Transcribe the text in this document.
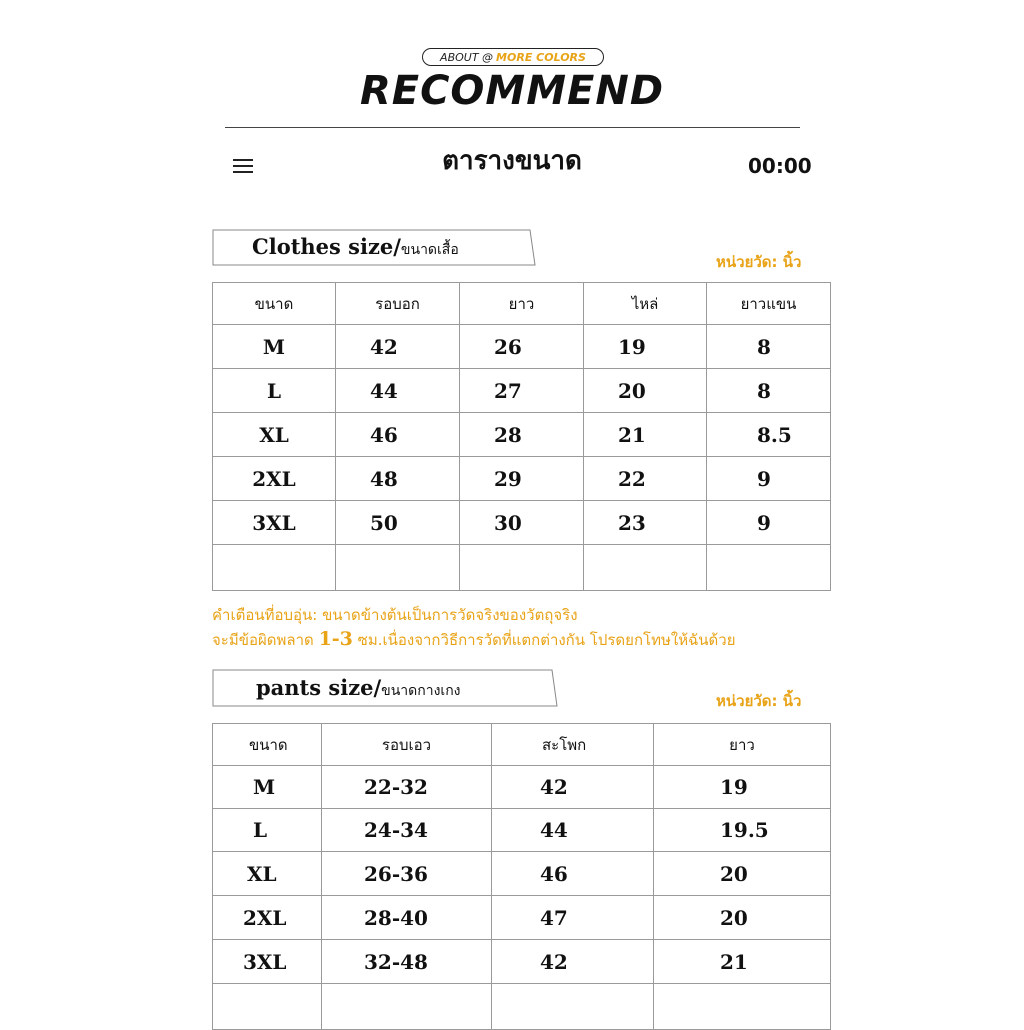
ABOUT @ MORE COLORS
RECOMMEND
ตารางขนาด	00:00
Clothes size/ขนาดเสื้อ
หน่วยวัด: นิ้ว
ขนาด	รอบอก	ยาว	ไหล่	ยาวแขน
M	42	26	19	8
L	44	27	20	8
XL	46	28	21	8.5
2XL	48	29	22	9
3XL	50	30	23	9

คำเตือนที่อบอุ่น: ขนาดข้างต้นเป็นการวัดจริงของวัตถุจริง
จะมีข้อผิดพลาด 1-3 ซม.เนื่องจากวิธีการวัดที่แตกต่างกัน โปรดยกโทษให้ฉันด้วย
pants size/ขนาดกางเกง
หน่วยวัด: นิ้ว
ขนาด	รอบเอว	สะโพก	ยาว
M	22-32	42	19
L	24-34	44	19.5
XL	26-36	46	20
2XL	28-40	47	20
3XL	32-48	42	21
